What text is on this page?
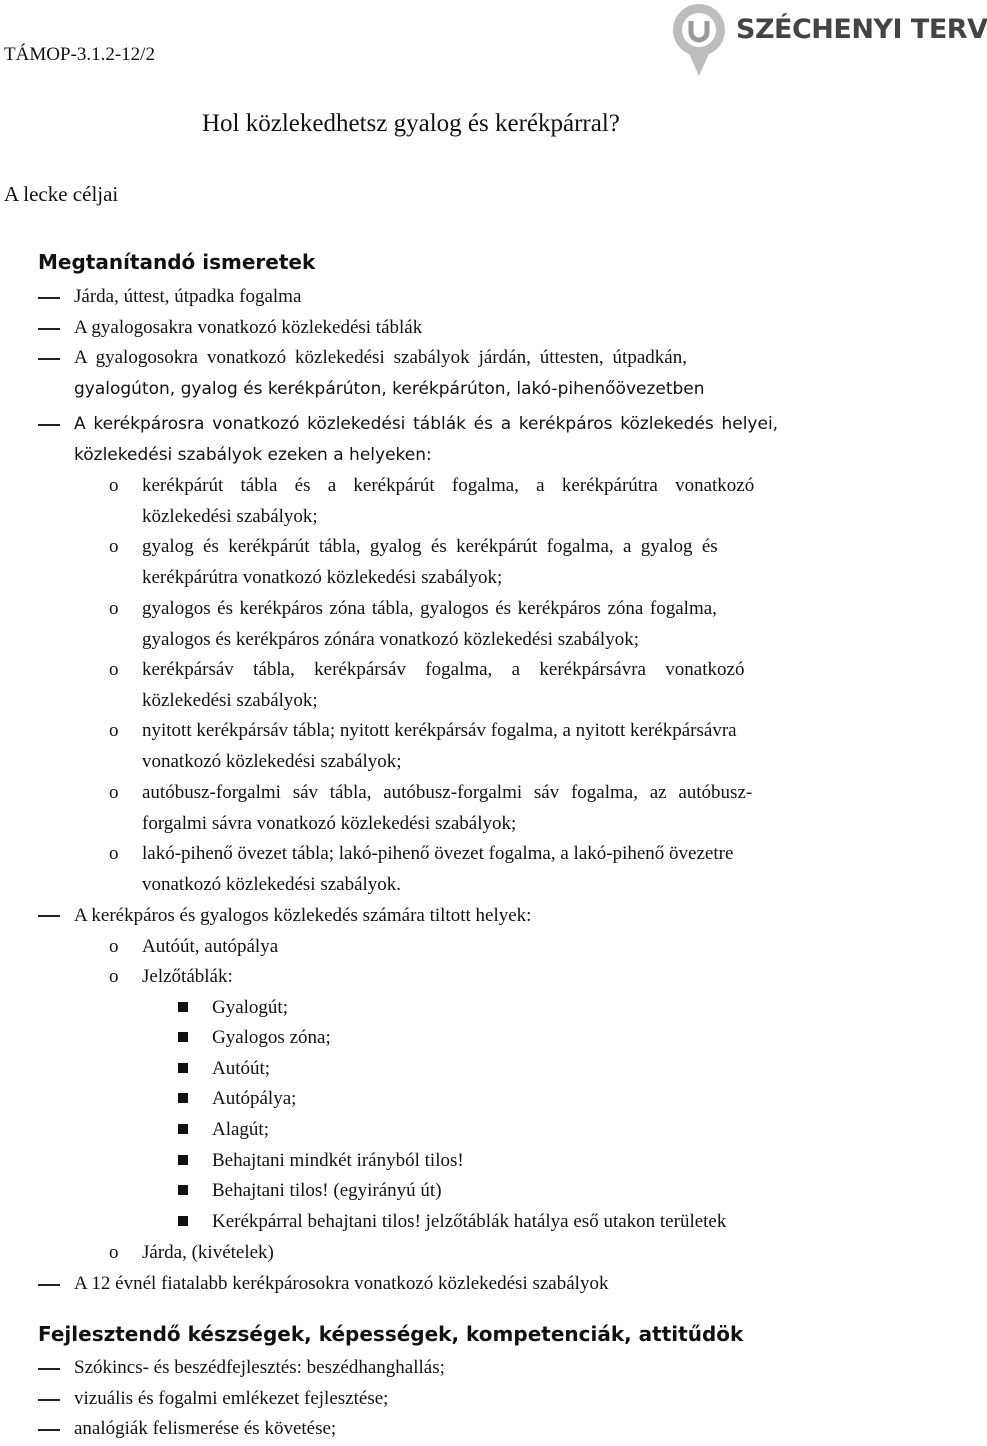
TÁMOP-3.1.2-12/2
SZÉCHENYI TERV
Hol közlekedhetsz gyalog és kerékpárral?
A lecke céljai
Megtanítandó ismeretek
Járda, úttest, útpadka fogalma
A gyalogosakra vonatkozó közlekedési táblák
A gyalogosokra vonatkozó közlekedési szabályok járdán, úttesten, útpadkán,
gyalogúton, gyalog és kerékpárúton, kerékpárúton, lakó-pihenőövezetben
A kerékpárosra vonatkozó közlekedési táblák és a kerékpáros közlekedés helyei,
közlekedési szabályok ezeken a helyeken:
o
o
o
o
o
o
o
o
o
o
kerékpárút tábla és a kerékpárút fogalma, a kerékpárútra vonatkozó
közlekedési szabályok;
gyalog és kerékpárút tábla, gyalog és kerékpárút fogalma, a gyalog és
kerékpárútra vonatkozó közlekedési szabályok;
gyalogos és kerékpáros zóna tábla, gyalogos és kerékpáros zóna fogalma,
gyalogos és kerékpáros zónára vonatkozó közlekedési szabályok;
kerékpársáv tábla, kerékpársáv fogalma, a kerékpársávra vonatkozó
közlekedési szabályok;
nyitott kerékpársáv tábla; nyitott kerékpársáv fogalma, a nyitott kerékpársávra
vonatkozó közlekedési szabályok;
autóbusz-forgalmi sáv tábla, autóbusz-forgalmi sáv fogalma, az autóbusz-
forgalmi sávra vonatkozó közlekedési szabályok;
lakó-pihenő övezet tábla; lakó-pihenő övezet fogalma, a lakó-pihenő övezetre
vonatkozó közlekedési szabályok.
A kerékpáros és gyalogos közlekedés számára tiltott helyek:
Autóút, autópálya
Jelzőtáblák:
Gyalogút;
Gyalogos zóna;
Autóút;
Autópálya;
Alagút;
Behajtani mindkét irányból tilos!
Behajtani tilos! (egyirányú út)
Kerékpárral behajtani tilos! jelzőtáblák hatálya eső utakon területek
Járda, (kivételek)
A 12 évnél fiatalabb kerékpárosokra vonatkozó közlekedési szabályok
Fejlesztendő készségek, képességek, kompetenciák, attitűdök
Szókincs- és beszédfejlesztés: beszédhanghallás;
vizuális és fogalmi emlékezet fejlesztése;
analógiák felismerése és követése;
